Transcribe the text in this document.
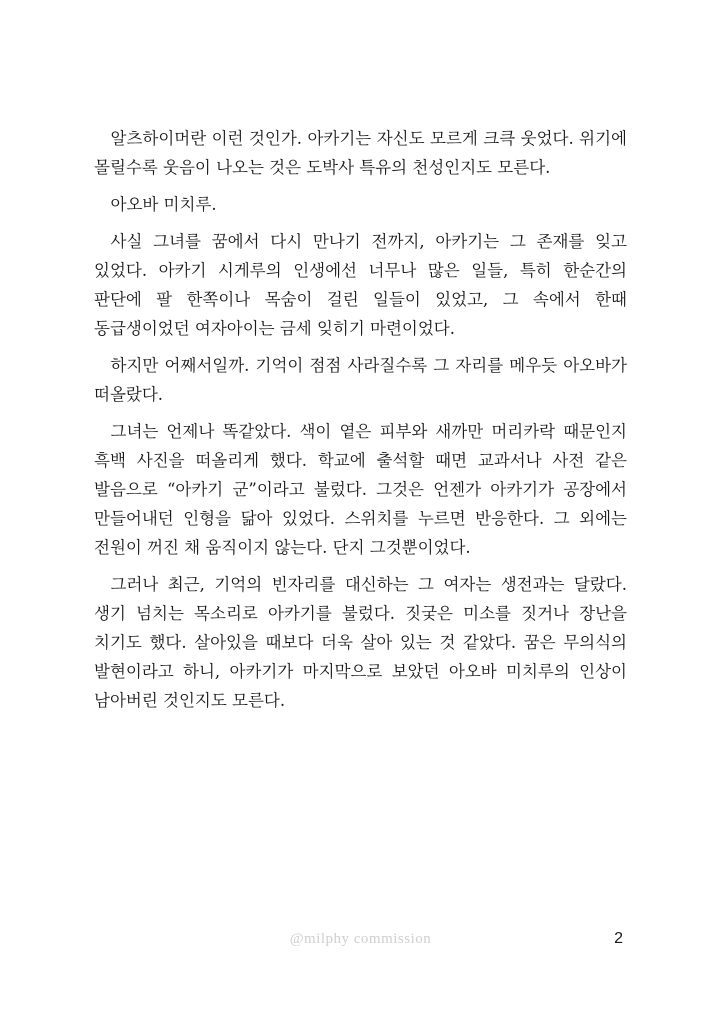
알츠하이머란 이런 것인가. 아카기는 자신도 모르게 크큭 웃었다. 위기에 몰릴수록 웃음이 나오는 것은 도박사 특유의 천성인지도 모른다.

아오바 미치루.

사실 그녀를 꿈에서 다시 만나기 전까지, 아카기는 그 존재를 잊고 있었다. 아카기 시게루의 인생에선 너무나 많은 일들, 특히 한순간의 판단에 팔 한쪽이나 목숨이 걸린 일들이 있었고, 그 속에서 한때 동급생이었던 여자아이는 금세 잊히기 마련이었다.

하지만 어째서일까. 기억이 점점 사라질수록 그 자리를 메우듯 아오바가 떠올랐다.

그녀는 언제나 똑같았다. 색이 옅은 피부와 새까만 머리카락 때문인지 흑백 사진을 떠올리게 했다. 학교에 출석할 때면 교과서나 사전 같은 발음으로 “아카기 군”이라고 불렀다. 그것은 언젠가 아카기가 공장에서 만들어내던 인형을 닮아 있었다. 스위치를 누르면 반응한다. 그 외에는 전원이 꺼진 채 움직이지 않는다. 단지 그것뿐이었다.

그러나 최근, 기억의 빈자리를 대신하는 그 여자는 생전과는 달랐다. 생기 넘치는 목소리로 아카기를 불렀다. 짓궂은 미소를 짓거나 장난을 치기도 했다. 살아있을 때보다 더욱 살아 있는 것 같았다. 꿈은 무의식의 발현이라고 하니, 아카기가 마지막으로 보았던 아오바 미치루의 인상이 남아버린 것인지도 모른다.

@milphy commission	2
